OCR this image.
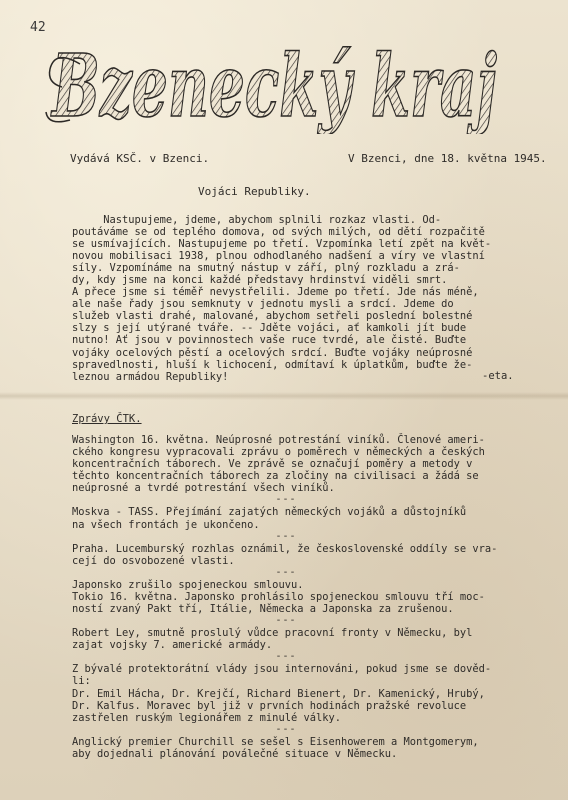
42
Bzenecký kraj
Vydává KSČ. v Bzenci.	V Bzenci, dne 18. května 1945.
Vojáci Republiky.
Nastupujeme, jdeme, abychom splnili rozkaz vlasti. Od-
poutáváme se od teplého domova, od svých milých, od dětí rozpačitě
se usmívajících. Nastupujeme po třetí. Vzpomínka letí zpět na květ-
novou mobilisaci 1938, plnou odhodlaného nadšení a víry ve vlastní
síly. Vzpomínáme na smutný nástup v září, plný rozkladu a zrá-
dy, kdy jsme na konci každé představy hrdinství viděli smrt.
A přece jsme si téměř nevystřelili. Jdeme po třetí. Jde nás méně,
ale naše řady jsou semknuty v jednotu mysli a srdcí. Jdeme do
služeb vlasti drahé, malované, abychom setřeli poslední bolestné
slzy s její utýrané tváře. -- Jděte vojáci, ať kamkoli jít bude
nutno! Ať jsou v povinnostech vaše ruce tvrdé, ale čisté. Buďte
vojáky ocelových pěstí a ocelových srdcí. Buďte vojáky neúprosné
spravedlnosti, hluší k lichocení, odmítaví k úplatkům, buďte že-
leznou armádou Republiky!	-eta.
Zprávy ČTK.
Washington 16. května. Neúprosné potrestání viníků. Členové ameri-
ckého kongresu vypracovali zprávu o poměrech v německých a českých
koncentračních táborech. Ve zprávě se označují poměry a metody v
těchto koncentračních táborech za zločiny na civilisaci a žádá se
neúprosné a tvrdé potrestání všech viníků.
---
Moskva - TASS. Přejímání zajatých německých vojáků a důstojníků
na všech frontách je ukončeno.
---
Praha. Lucemburský rozhlas oznámil, že československé oddíly se vra-
cejí do osvobozené vlasti.
---
Japonsko zrušilo spojeneckou smlouvu.
Tokio 16. května. Japonsko prohlásilo spojeneckou smlouvu tří moc-
ností zvaný Pakt tří, Itálie, Německa a Japonska za zrušenou.
---
Robert Ley, smutně proslulý vůdce pracovní fronty v Německu, byl
zajat vojsky 7. americké armády.
---
Z bývalé protektorátní vlády jsou internováni, pokud jsme se dověd-
li:
Dr. Emil Hácha, Dr. Krejčí, Richard Bienert, Dr. Kamenický, Hrubý,
Dr. Kalfus. Moravec byl již v prvních hodinách pražské revoluce
zastřelen ruským legionářem z minulé války.
---
Anglický premier Churchill se sešel s Eisenhowerem a Montgomerym,
aby dojednali plánování poválečné situace v Německu.
